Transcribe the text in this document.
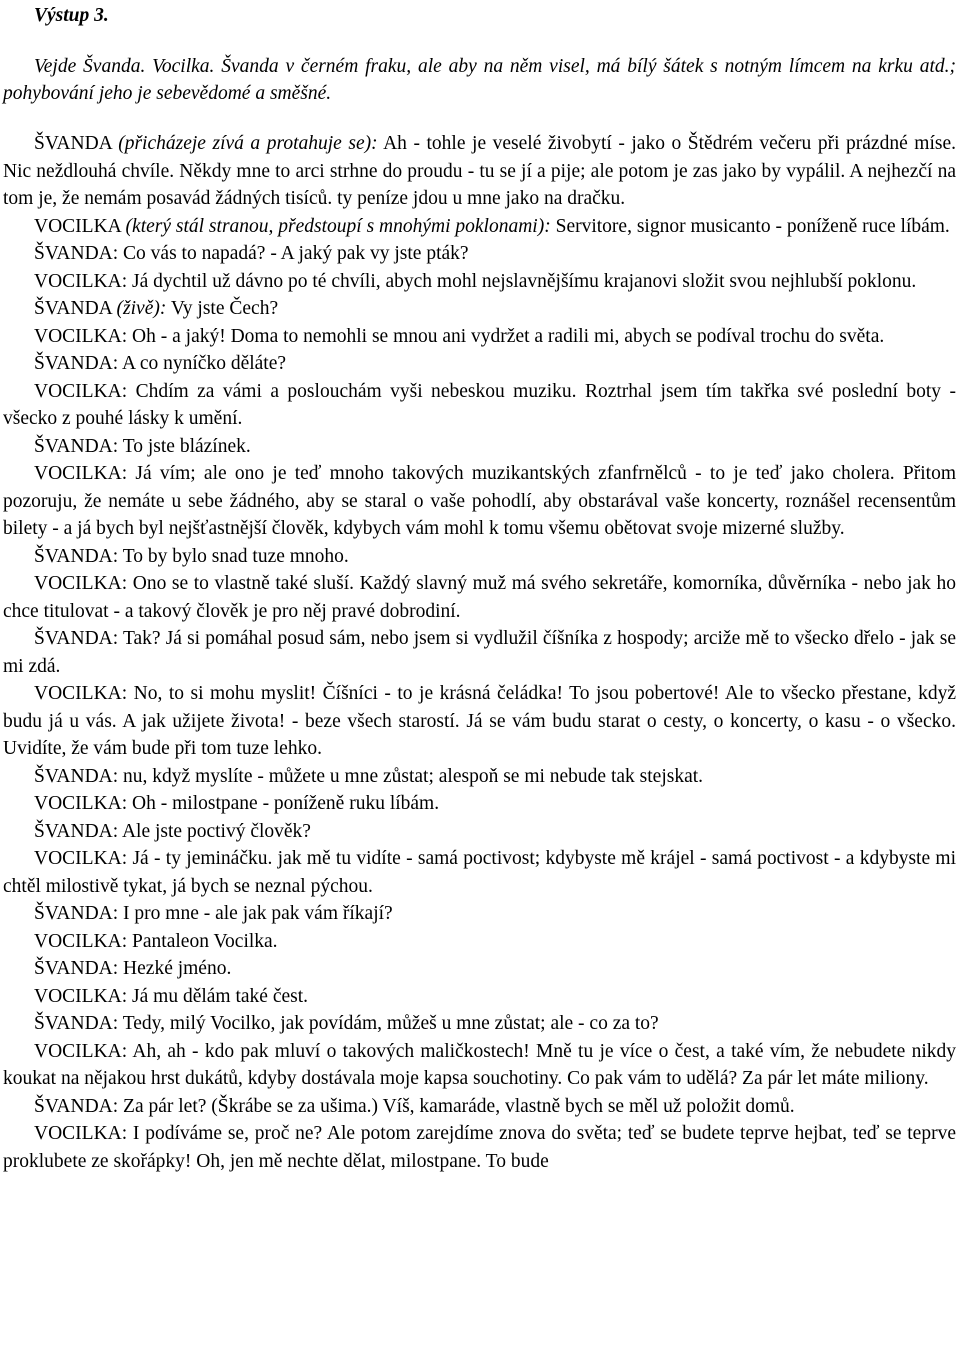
Výstup 3.
Vejde Švanda. Vocilka. Švanda v černém fraku, ale aby na něm visel, má bílý šátek s notným límcem na krku atd.; pohybování jeho je sebevědomé a směšné.
ŠVANDA (přicházeje zívá a protahuje se): Ah - tohle je veselé živobytí - jako o Štědrém večeru při prázdné míse. Nic neždlouhá chvíle. Někdy mne to arci strhne do proudu - tu se jí a pije; ale potom je zas jako by vypálil. A nejhezčí na tom je, že nemám posavád žádných tisíců. ty peníze jdou u mne jako na dračku.
VOCILKA (který stál stranou, předstoupí s mnohými poklonami): Servitore, signor musicanto - poníženě ruce líbám.
ŠVANDA: Co vás to napadá? - A jaký pak vy jste pták?
VOCILKA: Já dychtil už dávno po té chvíli, abych mohl nejslavnějšímu krajanovi složit svou nejhlubší poklonu.
ŠVANDA (živě): Vy jste Čech?
VOCILKA: Oh - a jaký! Doma to nemohli se mnou ani vydržet a radili mi, abych se podíval trochu do světa.
ŠVANDA: A co nyníčko děláte?
VOCILKA: Chdím za vámi a poslouchám vyši nebeskou muziku. Roztrhal jsem tím takřka své poslední boty - všecko z pouhé lásky k umění.
ŠVANDA: To jste blázínek.
VOCILKA: Já vím; ale ono je teď mnoho takových muzikantských zfanfrnělců - to je teď jako cholera. Přitom pozoruju, že nemáte u sebe žádného, aby se staral o vaše pohodlí, aby obstarával vaše koncerty, roznášel recensentům bilety - a já bych byl nejšťastnější člověk, kdybych vám mohl k tomu všemu obětovat svoje mizerné služby.
ŠVANDA: To by bylo snad tuze mnoho.
VOCILKA: Ono se to vlastně také sluší. Každý slavný muž má svého sekretáře, komorníka, důvěrníka - nebo jak ho chce titulovat - a takový člověk je pro něj pravé dobrodiní.
ŠVANDA: Tak? Já si pomáhal posud sám, nebo jsem si vydlužil číšníka z hospody; arciže mě to všecko dřelo - jak se mi zdá.
VOCILKA: No, to si mohu myslit! Číšníci - to je krásná čeládka! To jsou pobertové! Ale to všecko přestane, když budu já u vás. A jak užijete života! - beze všech starostí. Já se vám budu starat o cesty, o koncerty, o kasu - o všecko. Uvidíte, že vám bude při tom tuze lehko.
ŠVANDA: nu, když myslíte - můžete u mne zůstat; alespoň se mi nebude tak stejskat.
VOCILKA: Oh - milostpane - poníženě ruku líbám.
ŠVANDA: Ale jste poctivý člověk?
VOCILKA: Já - ty jemináčku. jak mě tu vidíte - samá poctivost; kdybyste mě krájel - samá poctivost - a kdybyste mi chtěl milostivě tykat, já bych se neznal pýchou.
ŠVANDA: I pro mne - ale jak pak vám říkají?
VOCILKA: Pantaleon Vocilka.
ŠVANDA: Hezké jméno.
VOCILKA: Já mu dělám také čest.
ŠVANDA: Tedy, milý Vocilko, jak povídám, můžeš u mne zůstat; ale - co za to?
VOCILKA: Ah, ah - kdo pak mluví o takových maličkostech! Mně tu je více o čest, a také vím, že nebudete nikdy koukat na nějakou hrst dukátů, kdyby dostávala moje kapsa souchotiny. Co pak vám to udělá? Za pár let máte miliony.
ŠVANDA: Za pár let? (Škrábe se za ušima.) Víš, kamaráde, vlastně bych se měl už položit domů.
VOCILKA: I podíváme se, proč ne? Ale potom zarejdíme znova do světa; teď se budete teprve hejbat, teď se teprve proklubete ze skořápky! Oh, jen mě nechte dělat, milostpane. To bude
